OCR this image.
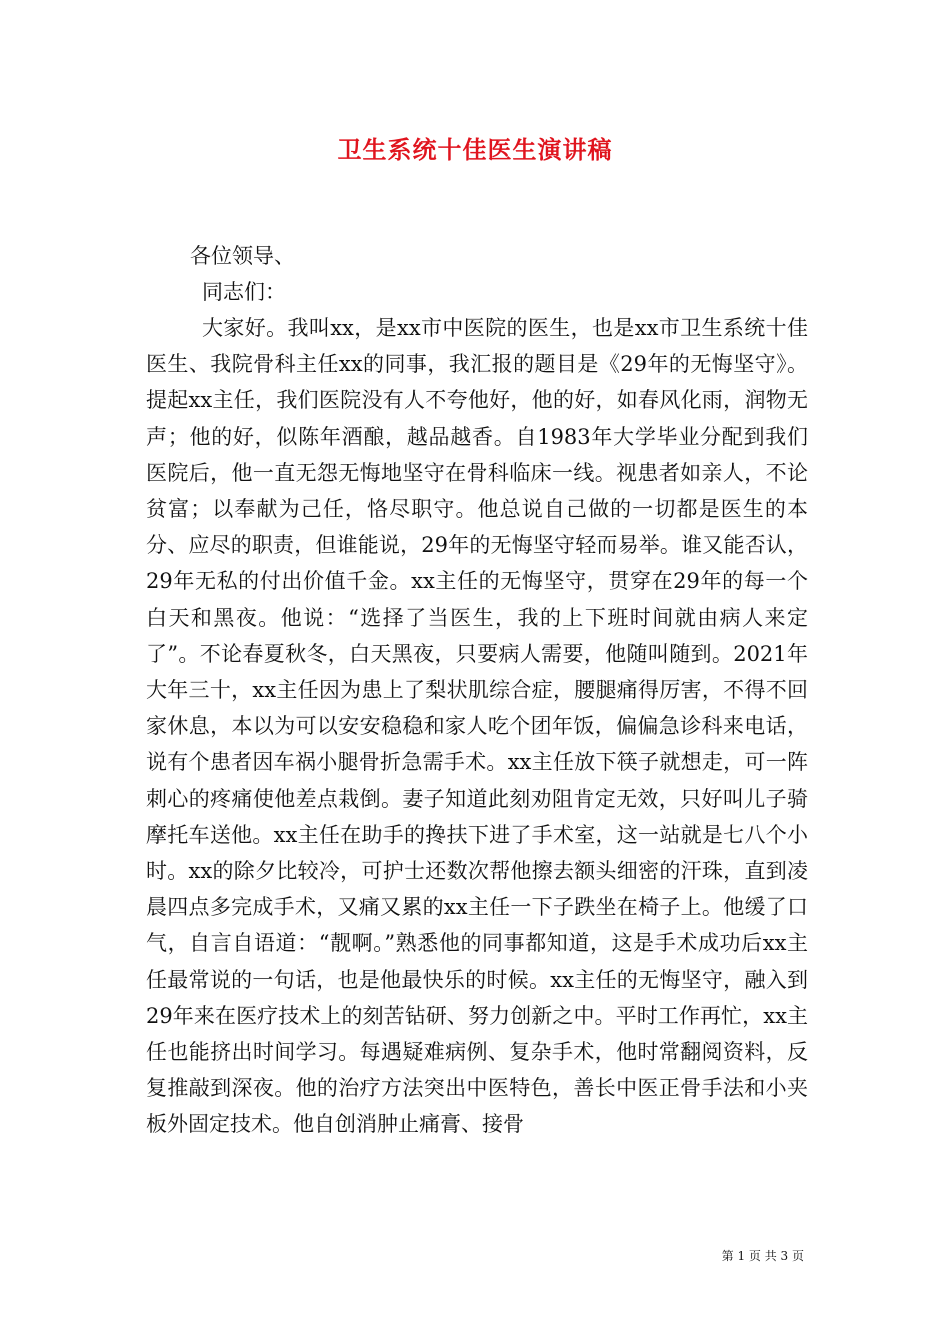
卫生系统十佳医生演讲稿

各位领导、

同志们：

大家好。我叫xx，是xx市中医院的医生，也是xx市卫生系统十佳医生、我院骨科主任xx的同事，我汇报的题目是《29年的无悔坚守》。提起xx主任，我们医院没有人不夸他好，他的好，如春风化雨，润物无声；他的好，似陈年酒酿，越品越香。自1983年大学毕业分配到我们医院后，他一直无怨无悔地坚守在骨科临床一线。视患者如亲人，不论贫富；以奉献为己任，恪尽职守。他总说自己做的一切都是医生的本分、应尽的职责，但谁能说，29年的无悔坚守轻而易举。谁又能否认，29年无私的付出价值千金。xx主任的无悔坚守，贯穿在29年的每一个白天和黑夜。他说：“选择了当医生，我的上下班时间就由病人来定了”。不论春夏秋冬，白天黑夜，只要病人需要，他随叫随到。2021年大年三十，xx主任因为患上了梨状肌综合症，腰腿痛得厉害，不得不回家休息，本以为可以安安稳稳和家人吃个团年饭，偏偏急诊科来电话，说有个患者因车祸小腿骨折急需手术。xx主任放下筷子就想走，可一阵刺心的疼痛使他差点栽倒。妻子知道此刻劝阻肯定无效，只好叫儿子骑摩托车送他。xx主任在助手的搀扶下进了手术室，这一站就是七八个小时。xx的除夕比较冷，可护士还数次帮他擦去额头细密的汗珠，直到凌晨四点多完成手术，又痛又累的xx主任一下子跌坐在椅子上。他缓了口气，自言自语道：“靓啊。”熟悉他的同事都知道，这是手术成功后xx主任最常说的一句话，也是他最快乐的时候。xx主任的无悔坚守，融入到29年来在医疗技术上的刻苦钻研、努力创新之中。平时工作再忙，xx主任也能挤出时间学习。每遇疑难病例、复杂手术，他时常翻阅资料，反复推敲到深夜。他的治疗方法突出中医特色，善长中医正骨手法和小夹板外固定技术。他自创消肿止痛膏、接骨

第 1 页 共 3 页
